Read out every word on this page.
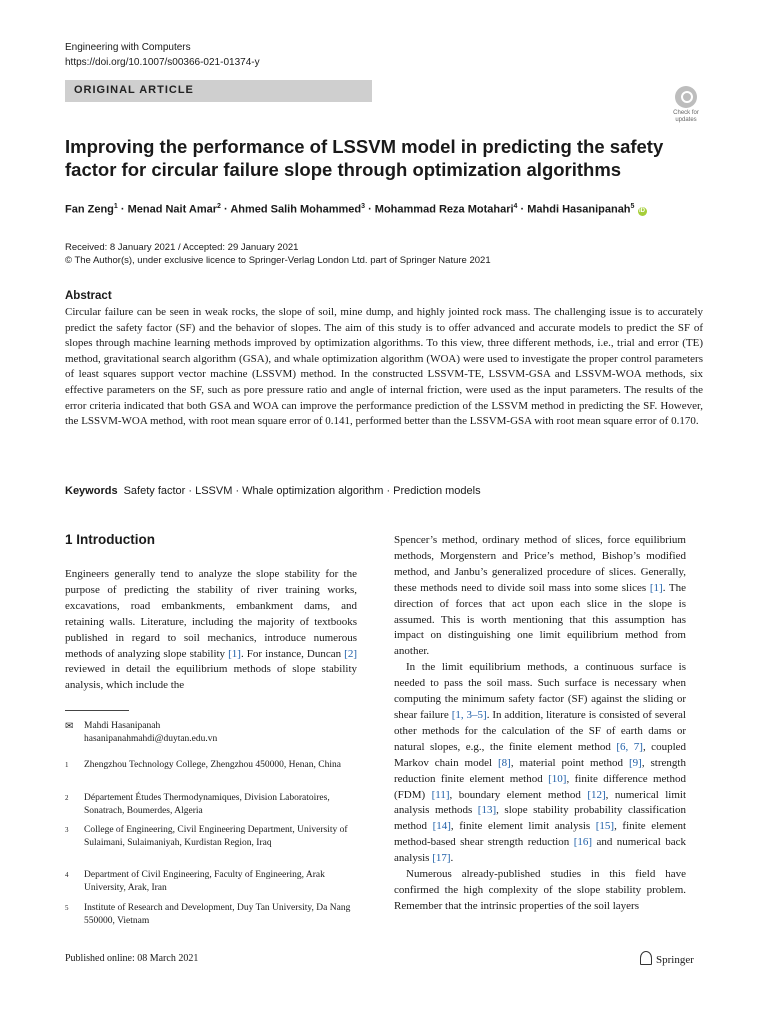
Engineering with Computers
https://doi.org/10.1007/s00366-021-01374-y
ORIGINAL ARTICLE
Check for updates
Improving the performance of LSSVM model in predicting the safety factor for circular failure slope through optimization algorithms
Fan Zeng$^1$ · Menad Nait Amar$^2$ · Ahmed Salih Mohammed$^3$ · Mohammad Reza Motahari$^4$ · Mahdi Hasanipanah$^5$ iD
Received: 8 January 2021 / Accepted: 29 January 2021
© The Author(s), under exclusive licence to Springer-Verlag London Ltd. part of Springer Nature 2021
Abstract
Circular failure can be seen in weak rocks, the slope of soil, mine dump, and highly jointed rock mass. The challenging issue is to accurately predict the safety factor (SF) and the behavior of slopes. The aim of this study is to offer advanced and accurate models to predict the SF of slopes through machine learning methods improved by optimization algorithms. To this view, three different methods, i.e., trial and error (TE) method, gravitational search algorithm (GSA), and whale optimization algorithm (WOA) were used to investigate the proper control parameters of least squares support vector machine (LSSVM) method. In the constructed LSSVM-TE, LSSVM-GSA and LSSVM-WOA methods, six effective parameters on the SF, such as pore pressure ratio and angle of internal friction, were used as the input parameters. The results of the error criteria indicated that both GSA and WOA can improve the performance prediction of the LSSVM method in predicting the SF. However, the LSSVM-WOA method, with root mean square error of 0.141, performed better than the LSSVM-GSA with root mean square error of 0.170.
Keywords Safety factor · LSSVM · Whale optimization algorithm · Prediction models
1 Introduction

Engineers generally tend to analyze the slope stability for the purpose of predicting the stability of river training works, excavations, road embankments, embankment dams, and retaining walls. Literature, including the majority of textbooks published in regard to soil mechanics, introduce numerous methods of analyzing slope stability [1]. For instance, Duncan [2] reviewed in detail the equilibrium methods of slope stability analysis, which include the

✉ Mahdi Hasanipanah
hasanipanahmahdi@duytan.edu.vn
1 Zhengzhou Technology College, Zhengzhou 450000, Henan, China
2 Département Études Thermodynamiques, Division Laboratoires, Sonatrach, Boumerdes, Algeria
3 College of Engineering, Civil Engineering Department, University of Sulaimani, Sulaimaniyah, Kurdistan Region, Iraq
4 Department of Civil Engineering, Faculty of Engineering, Arak University, Arak, Iran
5 Institute of Research and Development, Duy Tan University, Da Nang 550000, Vietnam

Spencer’s method, ordinary method of slices, force equilibrium methods, Morgenstern and Price’s method, Bishop’s modified method, and Janbu’s generalized procedure of slices. Generally, these methods need to divide soil mass into some slices [1]. The direction of forces that act upon each slice in the slope is assumed. This is worth mentioning that this assumption has impact on distinguishing one limit equilibrium method from another.

In the limit equilibrium methods, a continuous surface is needed to pass the soil mass. Such surface is necessary when computing the minimum safety factor (SF) against the sliding or shear failure [1, 3–5]. In addition, literature is consisted of several other methods for the calculation of the SF of earth dams or natural slopes, e.g., the finite element method [6, 7], coupled Markov chain model [8], material point method [9], strength reduction finite element method [10], finite difference method (FDM) [11], boundary element method [12], numerical limit analysis methods [13], slope stability probability classification method [14], finite element limit analysis [15], finite element method-based shear strength reduction [16] and numerical back analysis [17].

Numerous already-published studies in this field have confirmed the high complexity of the slope stability problem. Remember that the intrinsic properties of the soil layers

Published online: 08 March 2021	Springer
